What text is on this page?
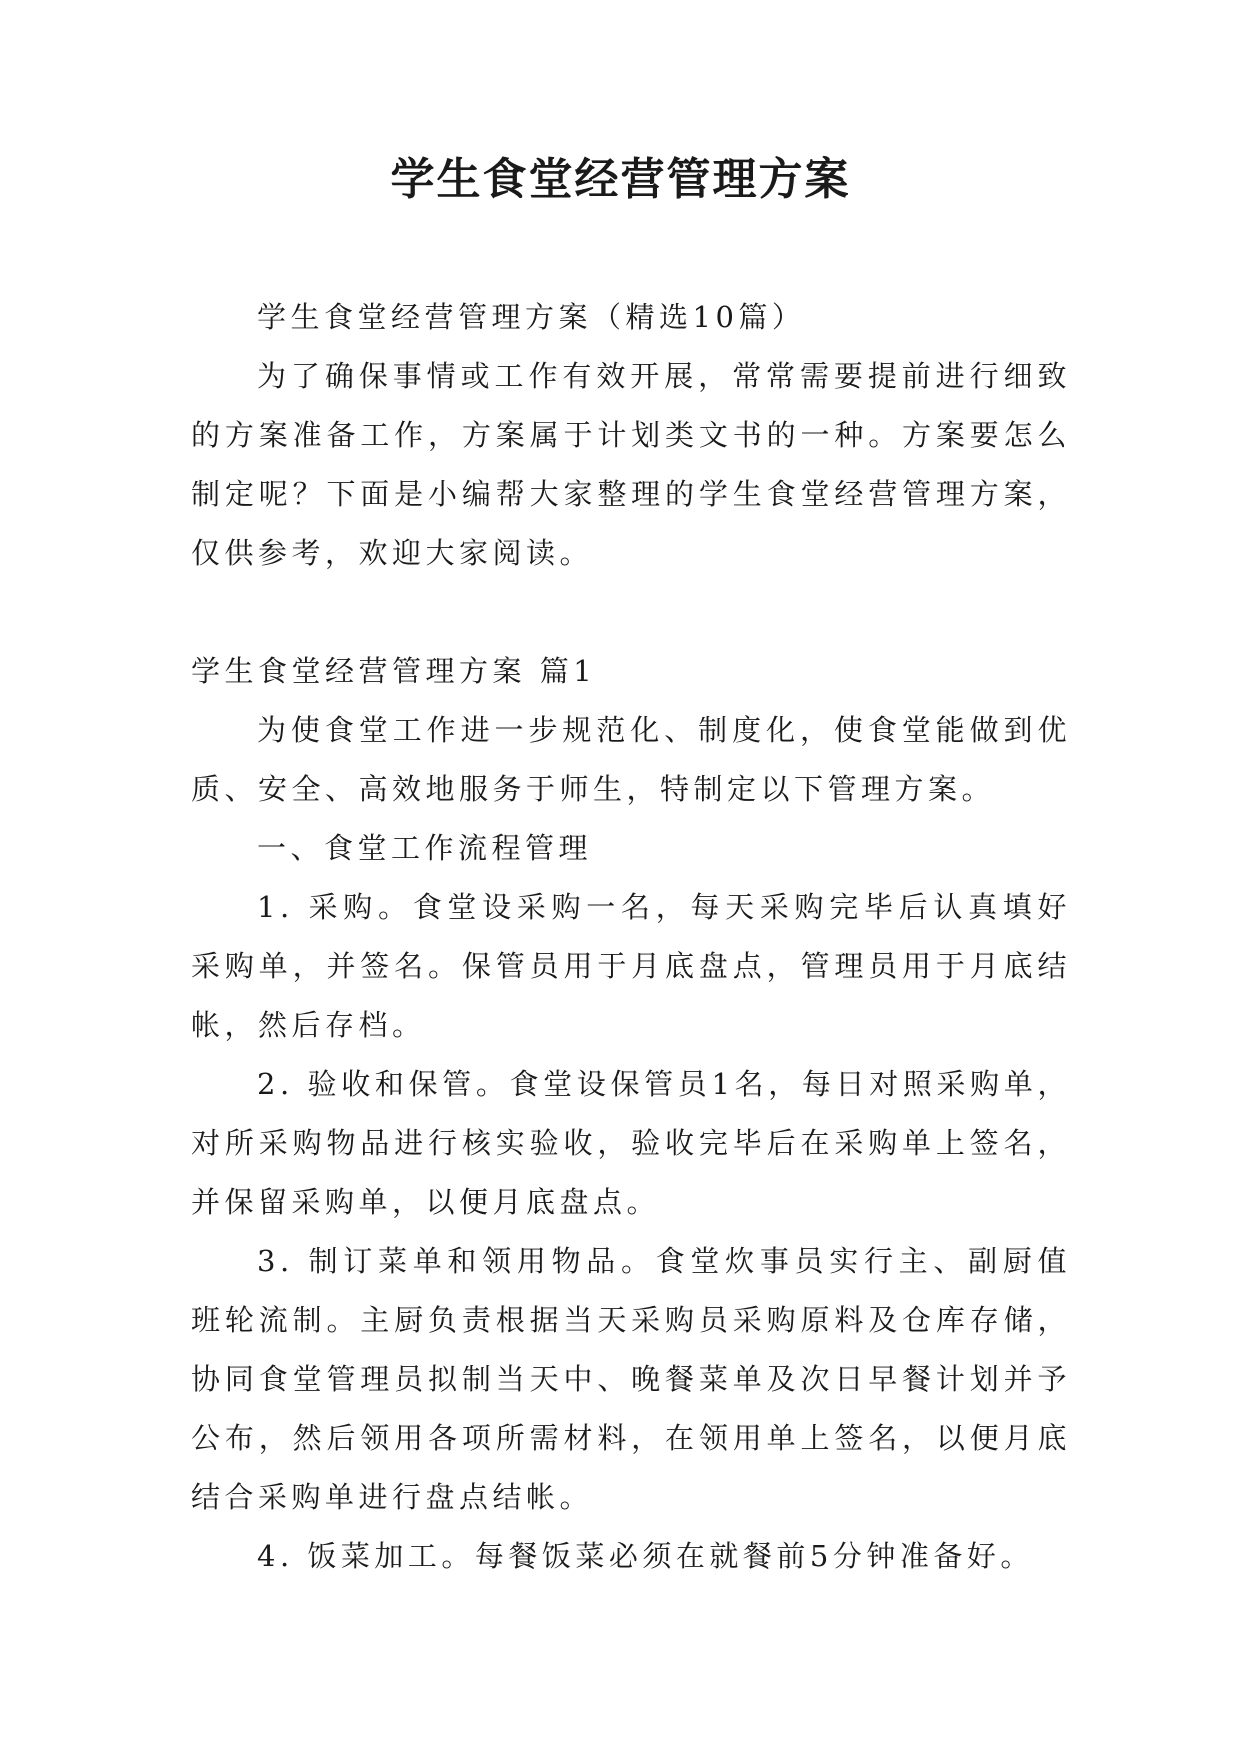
学生食堂经营管理方案

学生食堂经营管理方案（精选10篇）

为了确保事情或工作有效开展，常常需要提前进行细致的方案准备工作，方案属于计划类文书的一种。方案要怎么制定呢？下面是小编帮大家整理的学生食堂经营管理方案，仅供参考，欢迎大家阅读。

学生食堂经营管理方案 篇1

为使食堂工作进一步规范化、制度化，使食堂能做到优质、安全、高效地服务于师生，特制定以下管理方案。

一、食堂工作流程管理

1. 采购。食堂设采购一名，每天采购完毕后认真填好采购单，并签名。保管员用于月底盘点，管理员用于月底结帐，然后存档。

2. 验收和保管。食堂设保管员1名，每日对照采购单，对所采购物品进行核实验收，验收完毕后在采购单上签名，并保留采购单，以便月底盘点。

3. 制订菜单和领用物品。食堂炊事员实行主、副厨值班轮流制。主厨负责根据当天采购员采购原料及仓库存储，协同食堂管理员拟制当天中、晚餐菜单及次日早餐计划并予公布，然后领用各项所需材料，在领用单上签名，以便月底结合采购单进行盘点结帐。

4. 饭菜加工。每餐饭菜必须在就餐前5分钟准备好。
